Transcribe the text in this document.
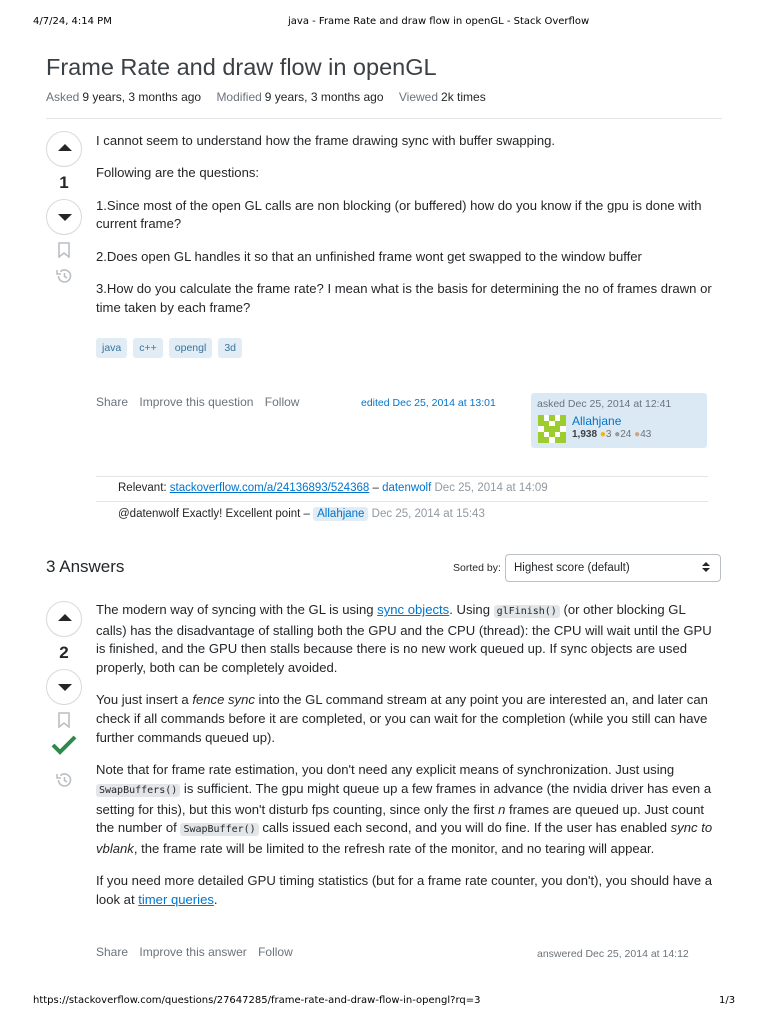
4/7/24, 4:14 PM	java - Frame Rate and draw flow in openGL - Stack Overflow
Frame Rate and draw flow in openGL
Asked 9 years, 3 months ago Modified 9 years, 3 months ago Viewed 2k times
1

I cannot seem to understand how the frame drawing sync with buffer swapping.

Following are the questions:

1.Since most of the open GL calls are non blocking (or buffered) how do you know if the gpu is done with current frame?

2.Does open GL handles it so that an unfinished frame wont get swapped to the window buffer

3.How do you calculate the frame rate? I mean what is the basis for determining the no of frames drawn or time taken by each frame?

java	c++	opengl	3d
Share Improve this question Follow	edited Dec 25, 2014 at 13:01	asked Dec 25, 2014 at 12:41
Allahjane
1,938 ●3 ●24 ●43
Relevant: stackoverflow.com/a/24136893/524368 – datenwolf Dec 25, 2014 at 14:09
@datenwolf Exactly! Excellent point – Allahjane Dec 25, 2014 at 15:43
3 Answers	Sorted by:	Highest score (default)
2

The modern way of syncing with the GL is using sync objects. Using glFinish() (or other blocking GL calls) has the disadvantage of stalling both the GPU and the CPU (thread): the CPU will wait until the GPU is finished, and the GPU then stalls because there is no new work queued up. If sync objects are used properly, both can be completely avoided.

You just insert a fence sync into the GL command stream at any point you are interested an, and later can check if all commands before it are completed, or you can wait for the completion (while you still can have further commands queued up).

Note that for frame rate estimation, you don't need any explicit means of synchronization. Just using SwapBuffers() is sufficient. The gpu might queue up a few frames in advance (the nvidia driver has even a setting for this), but this won't disturb fps counting, since only the first n frames are queued up. Just count the number of SwapBuffer() calls issued each second, and you will do fine. If the user has enabled sync to vblank, the frame rate will be limited to the refresh rate of the monitor, and no tearing will appear.

If you need more detailed GPU timing statistics (but for a frame rate counter, you don't), you should have a look at timer queries.

Share Improve this answer Follow	answered Dec 25, 2014 at 14:12
https://stackoverflow.com/questions/27647285/frame-rate-and-draw-flow-in-opengl?rq=3	1/3
